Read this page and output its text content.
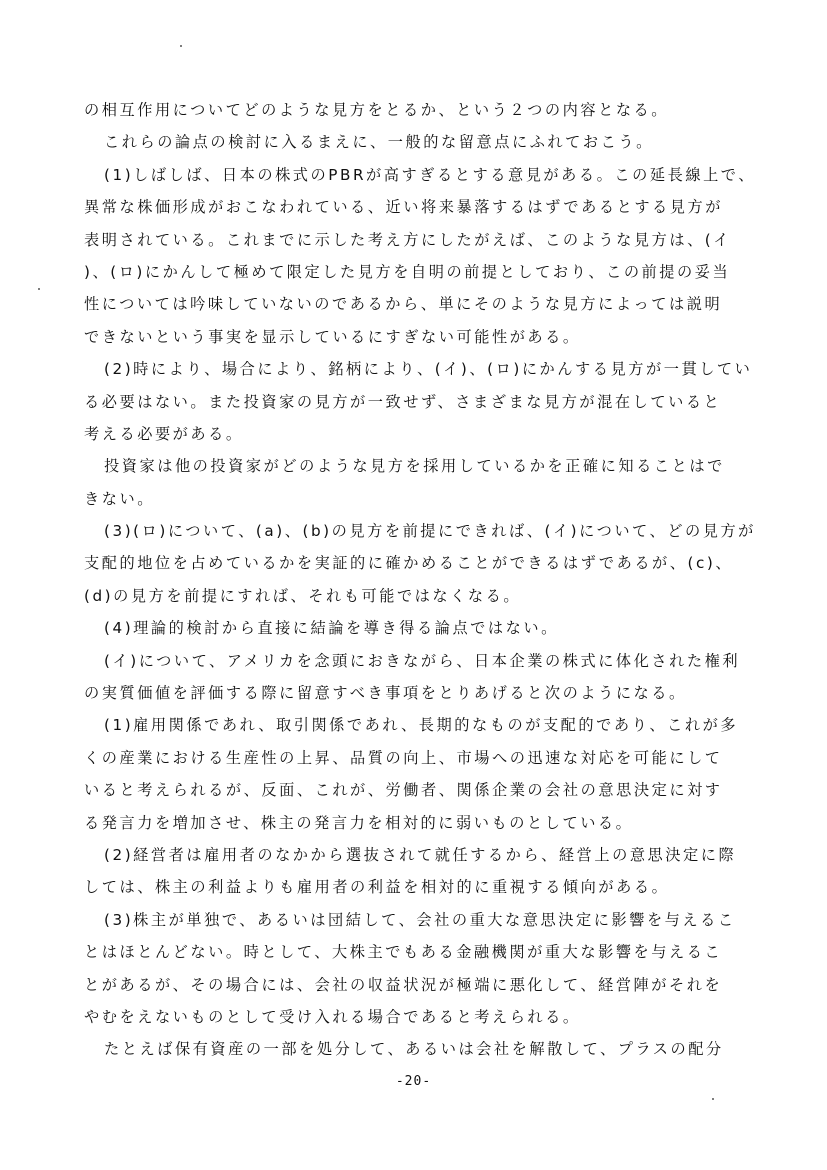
の相互作用についてどのような見方をとるか、という２つの内容となる。
これらの論点の検討に入るまえに、一般的な留意点にふれておこう。
(1)しばしば、日本の株式のPBRが高すぎるとする意見がある。この延長線上で、
異常な株価形成がおこなわれている、近い将来暴落するはずであるとする見方が
表明されている。これまでに示した考え方にしたがえば、このような見方は、(イ
)、(ロ)にかんして極めて限定した見方を自明の前提としており、この前提の妥当
性については吟味していないのであるから、単にそのような見方によっては説明
できないという事実を显示しているにすぎない可能性がある。
(2)時により、場合により、銘柄により、(イ)、(ロ)にかんする見方が一貫してい
る必要はない。また投資家の見方が一致せず、さまざまな見方が混在していると
考える必要がある。
投資家は他の投資家がどのような見方を採用しているかを正確に知ることはで
きない。
(3)(ロ)について、(a)、(b)の見方を前提にできれば、(イ)について、どの見方が
支配的地位を占めているかを実証的に確かめることができるはずであるが、(c)、
(d)の見方を前提にすれば、それも可能ではなくなる。
(4)理論的検討から直接に結論を導き得る論点ではない。
(イ)について、アメリカを念頭におきながら、日本企業の株式に体化された権利
の実質価値を評価する際に留意すべき事項をとりあげると次のようになる。
(1)雇用関係であれ、取引関係であれ、長期的なものが支配的であり、これが多
くの産業における生産性の上昇、品質の向上、市場への迅速な対応を可能にして
いると考えられるが、反面、これが、労働者、関係企業の会社の意思決定に対す
る発言力を増加させ、株主の発言力を相対的に弱いものとしている。
(2)経営者は雇用者のなかから選抜されて就任するから、経営上の意思決定に際
しては、株主の利益よりも雇用者の利益を相対的に重視する傾向がある。
(3)株主が単独で、あるいは団結して、会社の重大な意思決定に影響を与えるこ
とはほとんどない。時として、大株主でもある金融機関が重大な影響を与えるこ
とがあるが、その場合には、会社の収益状況が極端に悪化して、経営陣がそれを
やむをえないものとして受け入れる場合であると考えられる。
たとえば保有資産の一部を処分して、あるいは会社を解散して、プラスの配分
-20-
